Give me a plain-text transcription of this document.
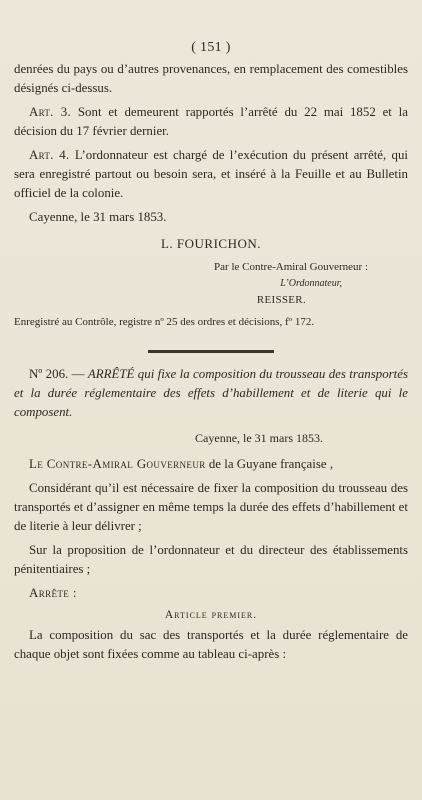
( 151 )

denrées du pays ou d’autres provenances, en remplacement des comestibles désignés ci-dessus.

Art. 3. Sont et demeurent rapportés l’arrêté du 22 mai 1852 et la décision du 17 février dernier.

Art. 4. L’ordonnateur est chargé de l’exécution du présent arrêté, qui sera enregistré partout ou besoin sera, et inséré à la Feuille et au Bulletin officiel de la colonie.

Cayenne, le 31 mars 1853.

L. FOURICHON.
Par le Contre-Amiral Gouverneur :
L’Ordonnateur,
REISSER.
Enregistré au Contrôle, registre nº 25 des ordres et décisions, fº 172.

Nº 206. — ARRÊTÉ qui fixe la composition du trousseau des transportés et la durée réglementaire des effets d’habillement et de literie qui le composent.

Cayenne, le 31 mars 1853.

Le Contre-Amiral Gouverneur de la Guyane française ,

Considérant qu’il est nécessaire de fixer la composition du trousseau des transportés et d’assigner en même temps la durée des effets d’habillement et de literie à leur délivrer ;

Sur la proposition de l’ordonnateur et du directeur des établissements pénitentiaires ;

Arrête :

Article premier.

La composition du sac des transportés et la durée réglementaire de chaque objet sont fixées comme au tableau ci-après :
